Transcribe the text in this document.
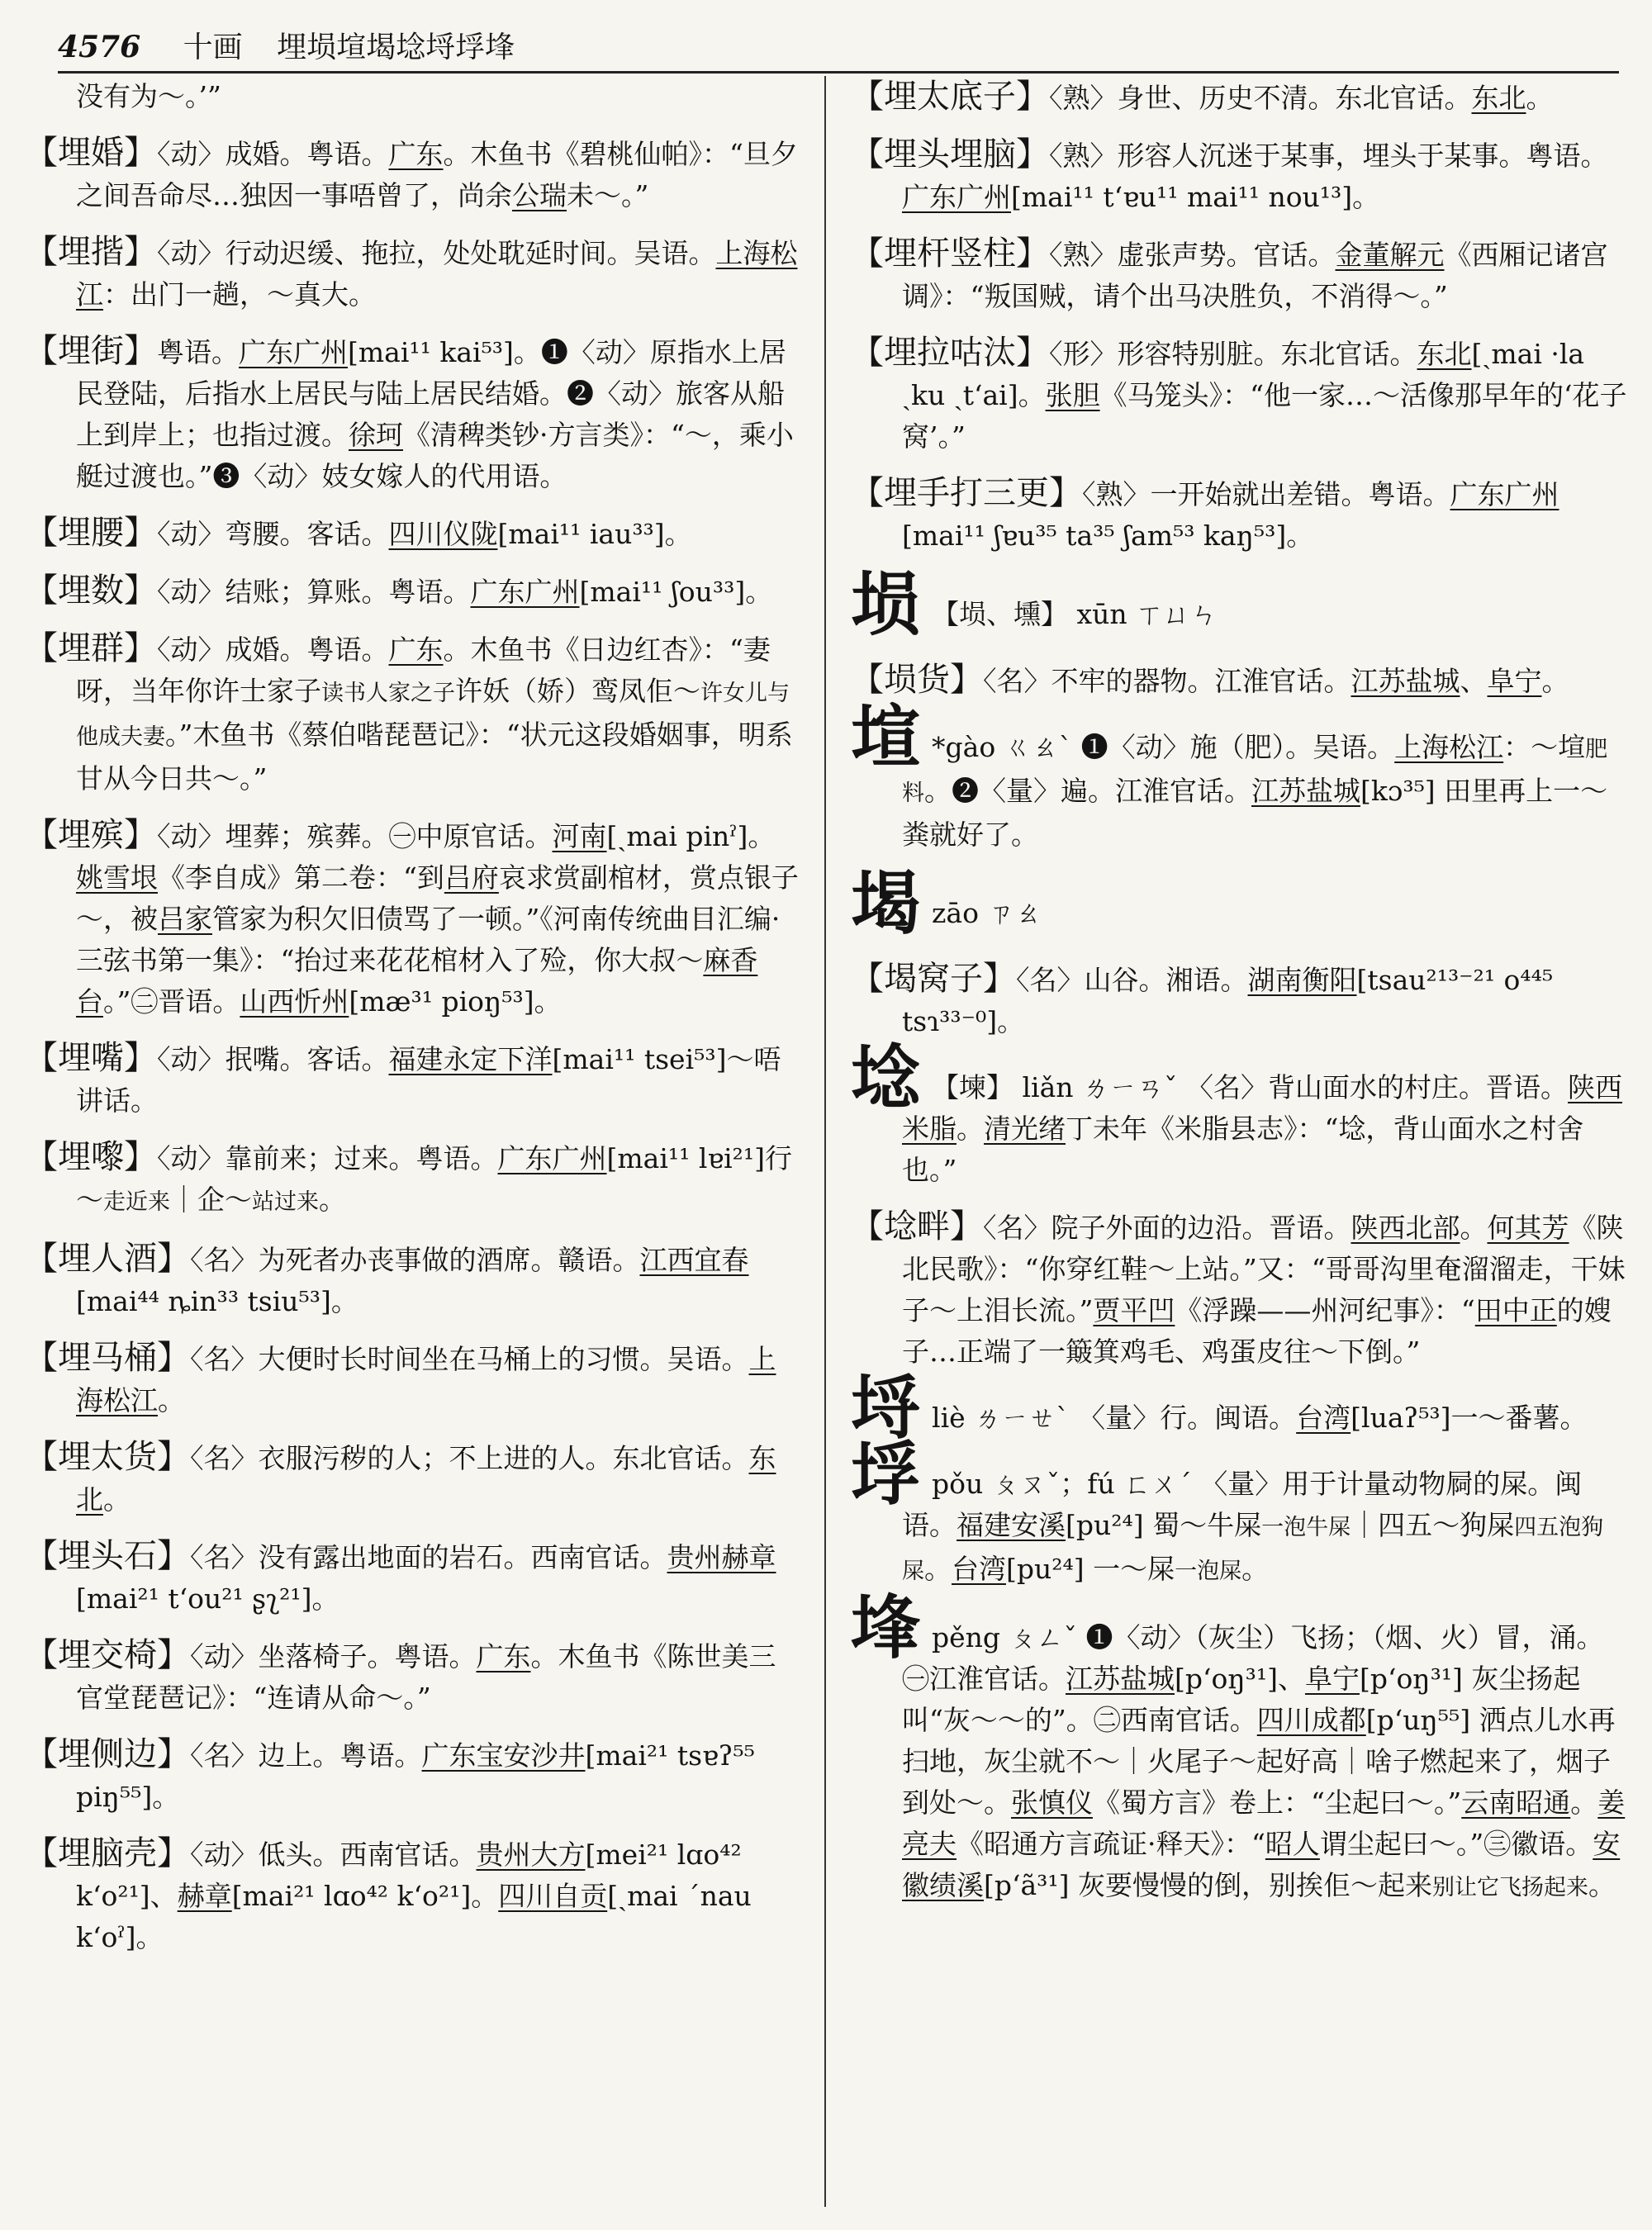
4576 十画 埋埙塇堨埝埒垺埄

没有为～。’”

【埋婚】〈动〉成婚。粤语。广东。木鱼书《碧桃仙帕》：“旦夕之间吾命尽…独因一事唔曾了，尚余公瑞未～。”

【埋揩】〈动〉行动迟缓、拖拉，处处耽延时间。吴语。上海松江：出门一趟，～真大。

【埋街】粤语。广东广州[mai¹¹ kai⁵³]。❶〈动〉原指水上居民登陆，后指水上居民与陆上居民结婚。❷〈动〉旅客从船上到岸上；也指过渡。徐珂《清稗类钞·方言类》：“～，乘小艇过渡也。”❸〈动〉妓女嫁人的代用语。

【埋腰】〈动〉弯腰。客话。四川仪陇[mai¹¹ iau³³]。

【埋数】〈动〉结账；算账。粤语。广东广州[mai¹¹ ʃou³³]。

【埋群】〈动〉成婚。粤语。广东。木鱼书《日边红杏》：“妻呀，当年你许士家子读书人家之子许妖（娇）鸾凤佢～许女儿与他成夫妻。”木鱼书《蔡伯喈琵琶记》：“状元这段婚姻事，明系甘从今日共～。”

【埋殡】〈动〉埋葬；殡葬。㊀中原官话。河南[ˏmai pinˀ]。姚雪垠《李自成》第二卷：“到吕府哀求赏副棺材，赏点银子～，被吕家管家为积欠旧债骂了一顿。”《河南传统曲目汇编·三弦书第一集》：“抬过来花花棺材入了殓，你大叔～麻香台。”㊁晋语。山西忻州[mæ³¹ pioŋ⁵³]。

【埋嘴】〈动〉抿嘴。客话。福建永定下洋[mai¹¹ tsei⁵³]～唔讲话。

【埋嚟】〈动〉靠前来；过来。粤语。广东广州[mai¹¹ lɐi²¹]行～走近来｜企～站过来。

【埋人酒】〈名〉为死者办丧事做的酒席。赣语。江西宜春[mai⁴⁴ ȵin³³ tsiu⁵³]。

【埋马桶】〈名〉大便时长时间坐在马桶上的习惯。吴语。上海松江。

【埋太货】〈名〉衣服污秽的人；不上进的人。东北官话。东北。

【埋头石】〈名〉没有露出地面的岩石。西南官话。贵州赫章[mai²¹ tʻou²¹ ʂʅ²¹]。

【埋交椅】〈动〉坐落椅子。粤语。广东。木鱼书《陈世美三官堂琵琶记》：“连请从命～。”

【埋侧边】〈名〉边上。粤语。广东宝安沙井[mai²¹ tsɐʔ⁵⁵ piŋ⁵⁵]。

【埋脑壳】〈动〉低头。西南官话。贵州大方[mei²¹ lɑo⁴² kʻo²¹]、赫章[mai²¹ lɑo⁴² kʻo²¹]。四川自贡[ˏmai ˊnau kʻoˀ]。

【埋太底子】〈熟〉身世、历史不清。东北官话。东北。

【埋头埋脑】〈熟〉形容人沉迷于某事，埋头于某事。粤语。广东广州[mai¹¹ tʻɐu¹¹ mai¹¹ nou¹³]。

【埋杆竖柱】〈熟〉虚张声势。官话。金董解元《西厢记诸宫调》：“叛国贼，请个出马决胜负，不消得～。”

【埋拉咕汰】〈形〉形容特别脏。东北官话。东北[ˏmai ·la ˏku ˏtʻai]。张胆《马笼头》：“他一家…～活像那早年的‘花子窝’。”

【埋手打三更】〈熟〉一开始就出差错。粤语。广东广州[mai¹¹ ʃɐu³⁵ ta³⁵ ʃam⁵³ kaŋ⁵³]。

埙 【埙、壎】 xūn ㄒㄩㄣ

【埙货】〈名〉不牢的器物。江淮官话。江苏盐城、阜宁。

塇 *gào ㄍㄠˋ ❶〈动〉施（肥）。吴语。上海松江：～塇肥料。❷〈量〉遍。江淮官话。江苏盐城[kɔ³⁵] 田里再上一～粪就好了。

堨zāo ㄗㄠ

【堨窝子】〈名〉山谷。湘语。湖南衡阳[tsau²¹³⁻²¹ o⁴⁴⁵ tsɿ³³⁻⁰]。

埝 【堜】 liǎn ㄌㄧㄢˇ 〈名〉背山面水的村庄。晋语。陕西米脂。清光绪丁未年《米脂县志》：“埝，背山面水之村舍也。”

【埝畔】〈名〉院子外面的边沿。晋语。陕西北部。何其芳《陕北民歌》：“你穿红鞋～上站。”又：“哥哥沟里奄溜溜走，干妹子～上泪长流。”贾平凹《浮躁——州河纪事》：“田中正的嫂子…正端了一簸箕鸡毛、鸡蛋皮往～下倒。”

埒liè ㄌㄧㄝˋ 〈量〉行。闽语。台湾[luaʔ⁵³]一～番薯。

垺pǒu ㄆㄡˇ；fú ㄈㄨˊ 〈量〉用于计量动物屙的屎。闽语。福建安溪[pu²⁴] 蜀～牛屎一泡牛屎｜四五～狗屎四五泡狗屎。台湾[pu²⁴] 一～屎一泡屎。

埄pěng ㄆㄥˇ ❶〈动〉（灰尘）飞扬；（烟、火）冒，涌。㊀江淮官话。江苏盐城[pʻoŋ³¹]、阜宁[pʻoŋ³¹] 灰尘扬起叫“灰～～的”。㊁西南官话。四川成都[pʻuŋ⁵⁵] 洒点儿水再扫地，灰尘就不～｜火尾子～起好高｜啥子燃起来了，烟子到处～。张慎仪《蜀方言》卷上：“尘起曰～。”云南昭通。姜亮夫《昭通方言疏证·释天》：“昭人谓尘起曰～。”㊂徽语。安徽绩溪[pʻã³¹] 灰要慢慢的倒，别挨佢～起来别让它飞扬起来。
